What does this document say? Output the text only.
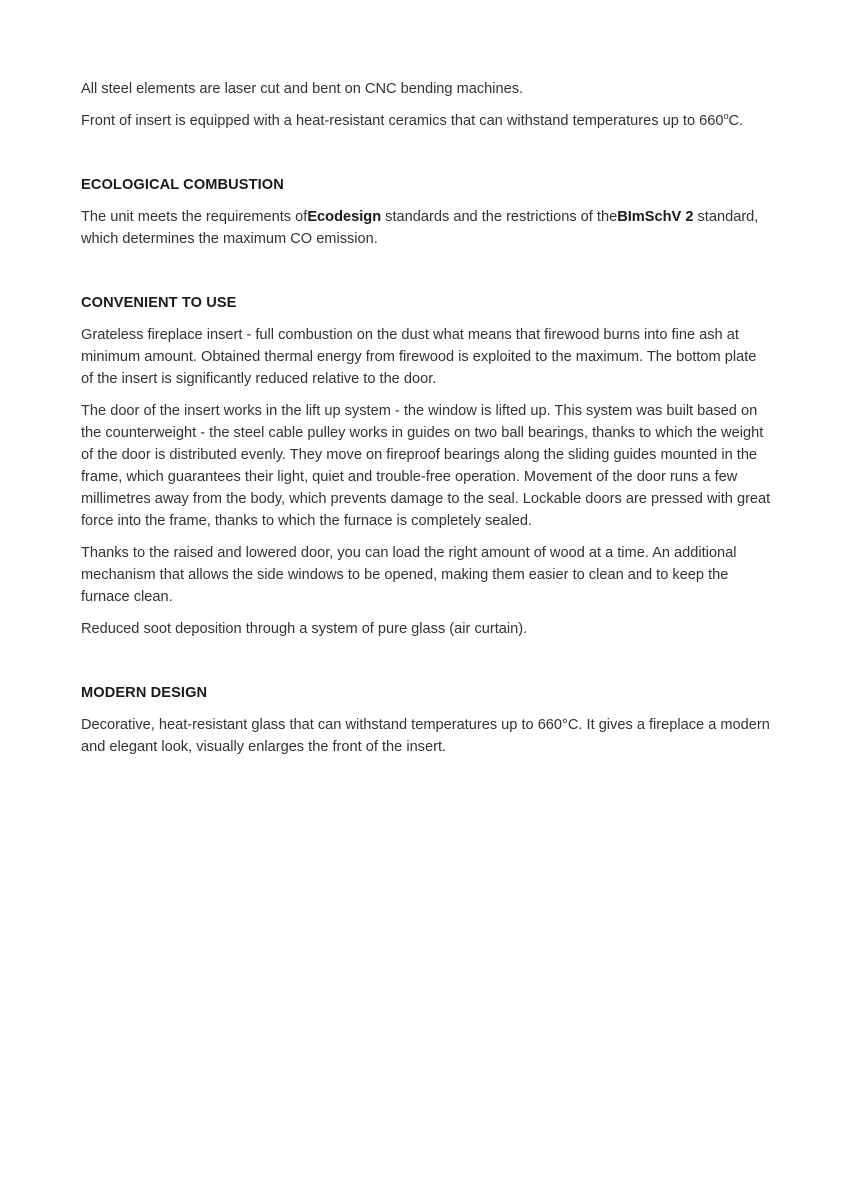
All steel elements are laser cut and bent on CNC bending machines.

Front of insert is equipped with a heat-resistant ceramics that can withstand temperatures up to 660$^o$C.

ECOLOGICAL COMBUSTION

The unit meets the requirements ofEcodesign standards and the restrictions of theBImSchV 2 standard, which determines the maximum CO emission.

CONVENIENT TO USE

Grateless fireplace insert - full combustion on the dust what means that firewood burns into fine ash at minimum amount. Obtained thermal energy from firewood is exploited to the maximum. The bottom plate of the insert is significantly reduced relative to the door.

The door of the insert works in the lift up system - the window is lifted up. This system was built based on the counterweight - the steel cable pulley works in guides on two ball bearings, thanks to which the weight of the door is distributed evenly. They move on fireproof bearings along the sliding guides mounted in the frame, which guarantees their light, quiet and trouble-free operation. Movement of the door runs a few millimetres away from the body, which prevents damage to the seal. Lockable doors are pressed with great force into the frame, thanks to which the furnace is completely sealed.

Thanks to the raised and lowered door, you can load the right amount of wood at a time. An additional mechanism that allows the side windows to be opened, making them easier to clean and to keep the furnace clean.

Reduced soot deposition through a system of pure glass (air curtain).

MODERN DESIGN

Decorative, heat-resistant glass that can withstand temperatures up to 660°C. It gives a fireplace a modern and elegant look, visually enlarges the front of the insert.
